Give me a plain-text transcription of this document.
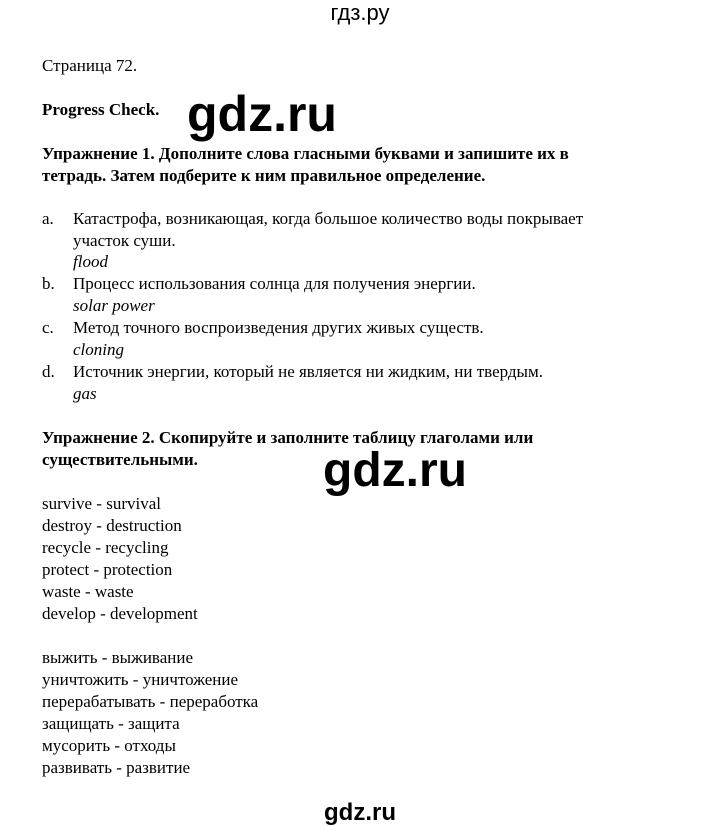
гдз.ру
Страница 72.
Progress Check. gdz.ru
Упражнение 1. Дополните слова гласными буквами и запишите их в
тетрадь. Затем подберите к ним правильное определение.
a. Катастрофа, возникающая, когда большое количество воды покрывает
участок суши.
flood
b. Процесс использования солнца для получения энергии.
solar power
c. Метод точного воспроизведения других живых существ.
cloning
d. Источник энергии, который не является ни жидким, ни твердым.
gas
Упражнение 2. Скопируйте и заполните таблицу глаголами или
существительными.	gdz.ru
survive - survival
destroy - destruction
recycle - recycling
protect - protection
waste - waste
develop - development
выжить - выживание
уничтожить - уничтожение
перерабатывать - переработка
защищать - защита
мусорить - отходы
развивать - развитие
gdz.ru
